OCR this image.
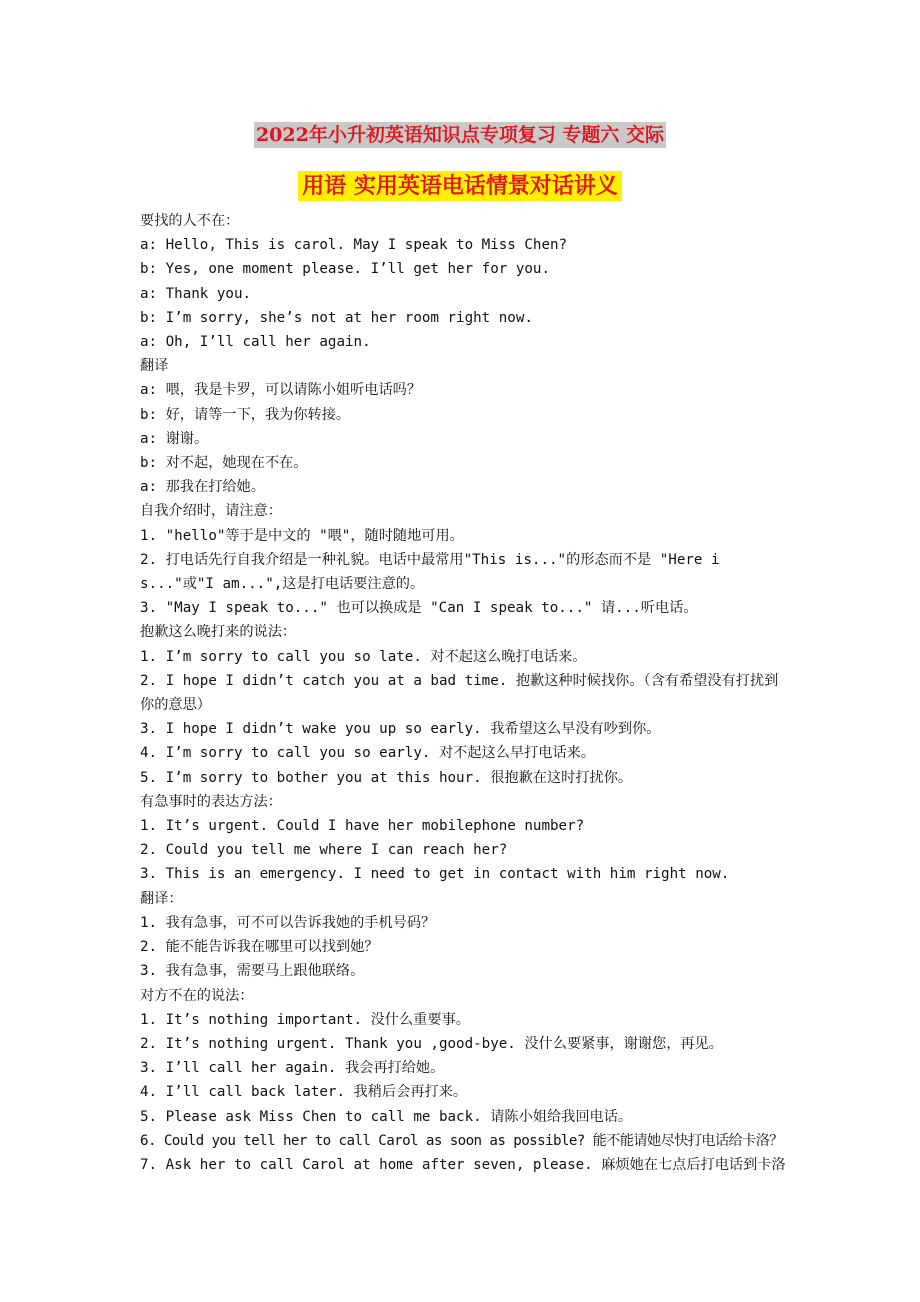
2022年小升初英语知识点专项复习 专题六 交际
用语 实用英语电话情景对话讲义

要找的人不在：

a: Hello, This is carol. May I speak to Miss Chen?

b: Yes, one moment please. I’ll get her for you.

a: Thank you.

b: I’m sorry, she’s not at her room right now.

a: Oh, I’ll call her again.

翻译

a: 喂，我是卡罗，可以请陈小姐听电话吗？

b: 好，请等一下，我为你转接。

a: 谢谢。

b: 对不起，她现在不在。

a: 那我在打给她。

自我介绍时，请注意：

1. "hello"等于是中文的 "喂"，随时随地可用。

2. 打电话先行自我介绍是一种礼貌。电话中最常用"This is..."的形态而不是 "Here is..."或"I am...",这是打电话要注意的。

3. "May I speak to..." 也可以换成是 "Can I speak to..." 请...听电话。

抱歉这么晚打来的说法：

1. I’m sorry to call you so late. 对不起这么晚打电话来。

2. I hope I didn’t catch you at a bad time. 抱歉这种时候找你。（含有希望没有打扰到你的意思）

3. I hope I didn’t wake you up so early. 我希望这么早没有吵到你。

4. I’m sorry to call you so early. 对不起这么早打电话来。

5. I’m sorry to bother you at this hour. 很抱歉在这时打扰你。

有急事时的表达方法：

1. It’s urgent. Could I have her mobilephone number?

2. Could you tell me where I can reach her?

3. This is an emergency. I need to get in contact with him right now.

翻译：

1. 我有急事，可不可以告诉我她的手机号码？

2. 能不能告诉我在哪里可以找到她？

3. 我有急事，需要马上跟他联络。

对方不在的说法：

1. It’s nothing important. 没什么重要事。

2. It’s nothing urgent. Thank you ,good-bye. 没什么要紧事，谢谢您，再见。

3. I’ll call her again. 我会再打给她。

4. I’ll call back later. 我稍后会再打来。

5. Please ask Miss Chen to call me back. 请陈小姐给我回电话。

6. Could you tell her to call Carol as soon as possible? 能不能请她尽快打电话给卡洛？

7. Ask her to call Carol at home after seven, please. 麻烦她在七点后打电话到卡洛
